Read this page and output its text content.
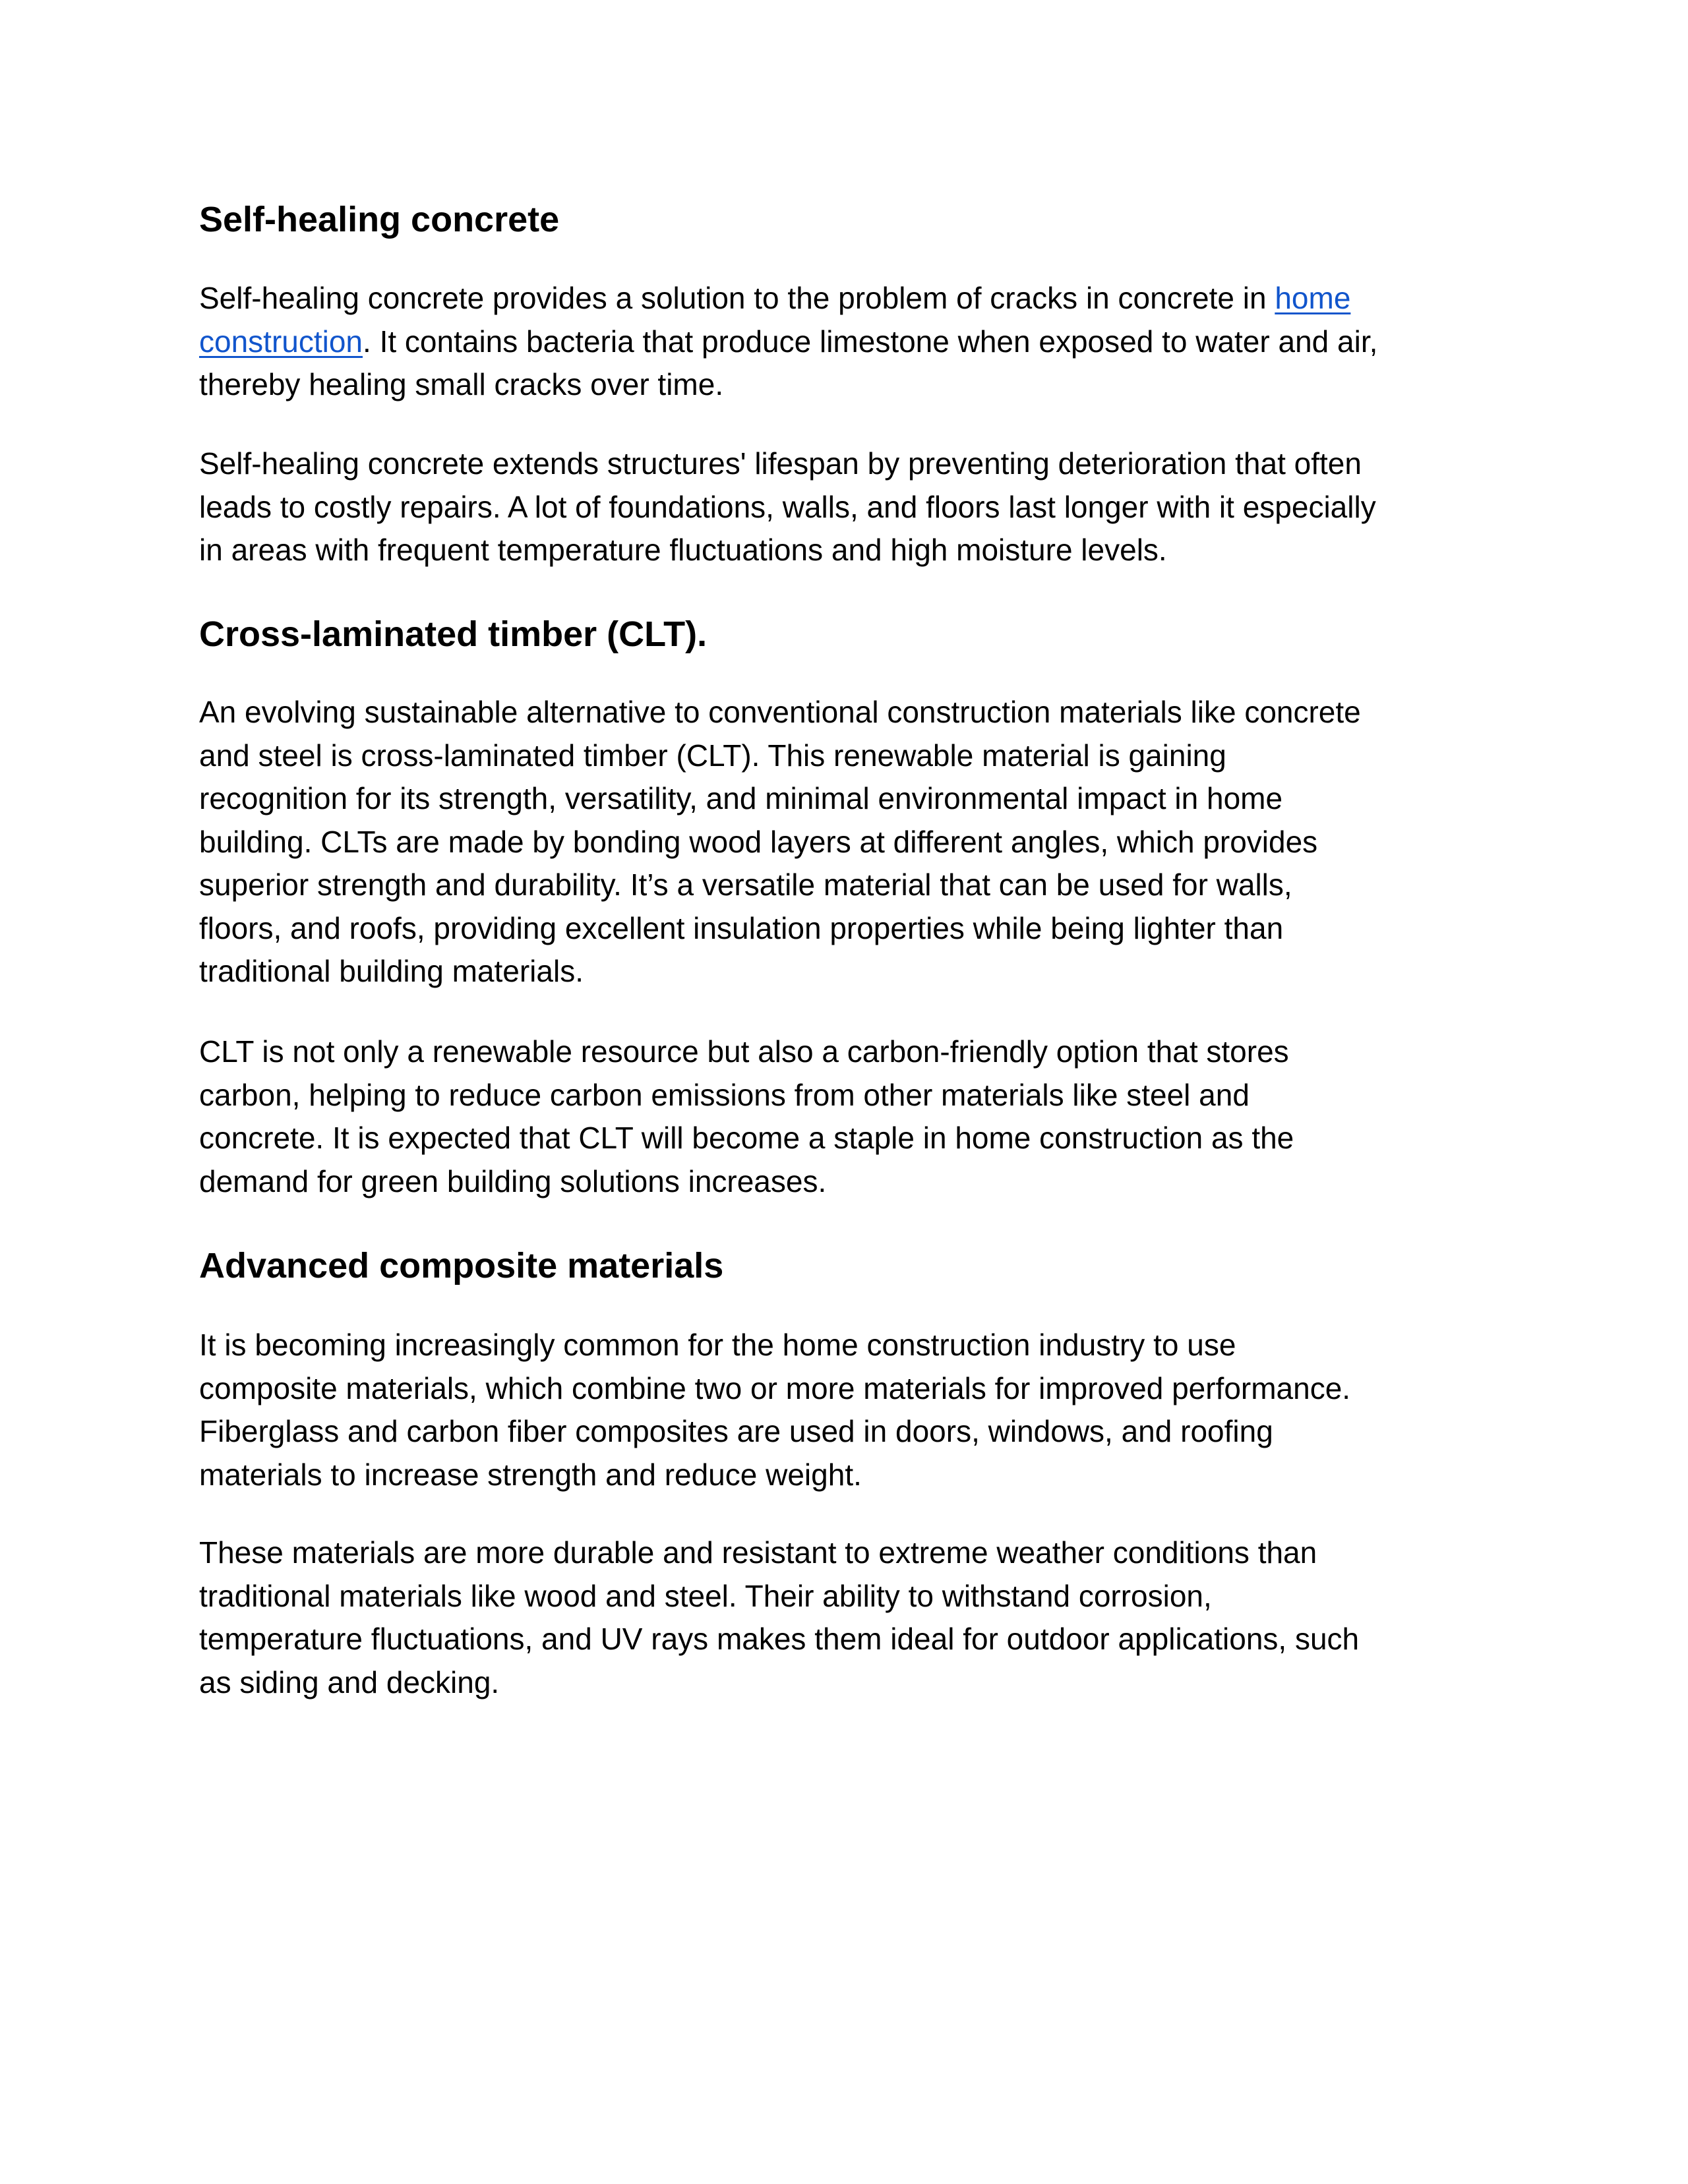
Self-healing concrete

Self-healing concrete provides a solution to the problem of cracks in concrete in home
construction. It contains bacteria that produce limestone when exposed to water and air,
thereby healing small cracks over time.

Self-healing concrete extends structures' lifespan by preventing deterioration that often
leads to costly repairs. A lot of foundations, walls, and floors last longer with it especially
in areas with frequent temperature fluctuations and high moisture levels.

Cross-laminated timber (CLT).

An evolving sustainable alternative to conventional construction materials like concrete
and steel is cross-laminated timber (CLT). This renewable material is gaining
recognition for its strength, versatility, and minimal environmental impact in home
building. CLTs are made by bonding wood layers at different angles, which provides
superior strength and durability. It’s a versatile material that can be used for walls,
floors, and roofs, providing excellent insulation properties while being lighter than
traditional building materials.

CLT is not only a renewable resource but also a carbon-friendly option that stores
carbon, helping to reduce carbon emissions from other materials like steel and
concrete. It is expected that CLT will become a staple in home construction as the
demand for green building solutions increases.

Advanced composite materials

It is becoming increasingly common for the home construction industry to use
composite materials, which combine two or more materials for improved performance.
Fiberglass and carbon fiber composites are used in doors, windows, and roofing
materials to increase strength and reduce weight.

These materials are more durable and resistant to extreme weather conditions than
traditional materials like wood and steel. Their ability to withstand corrosion,
temperature fluctuations, and UV rays makes them ideal for outdoor applications, such
as siding and decking.
